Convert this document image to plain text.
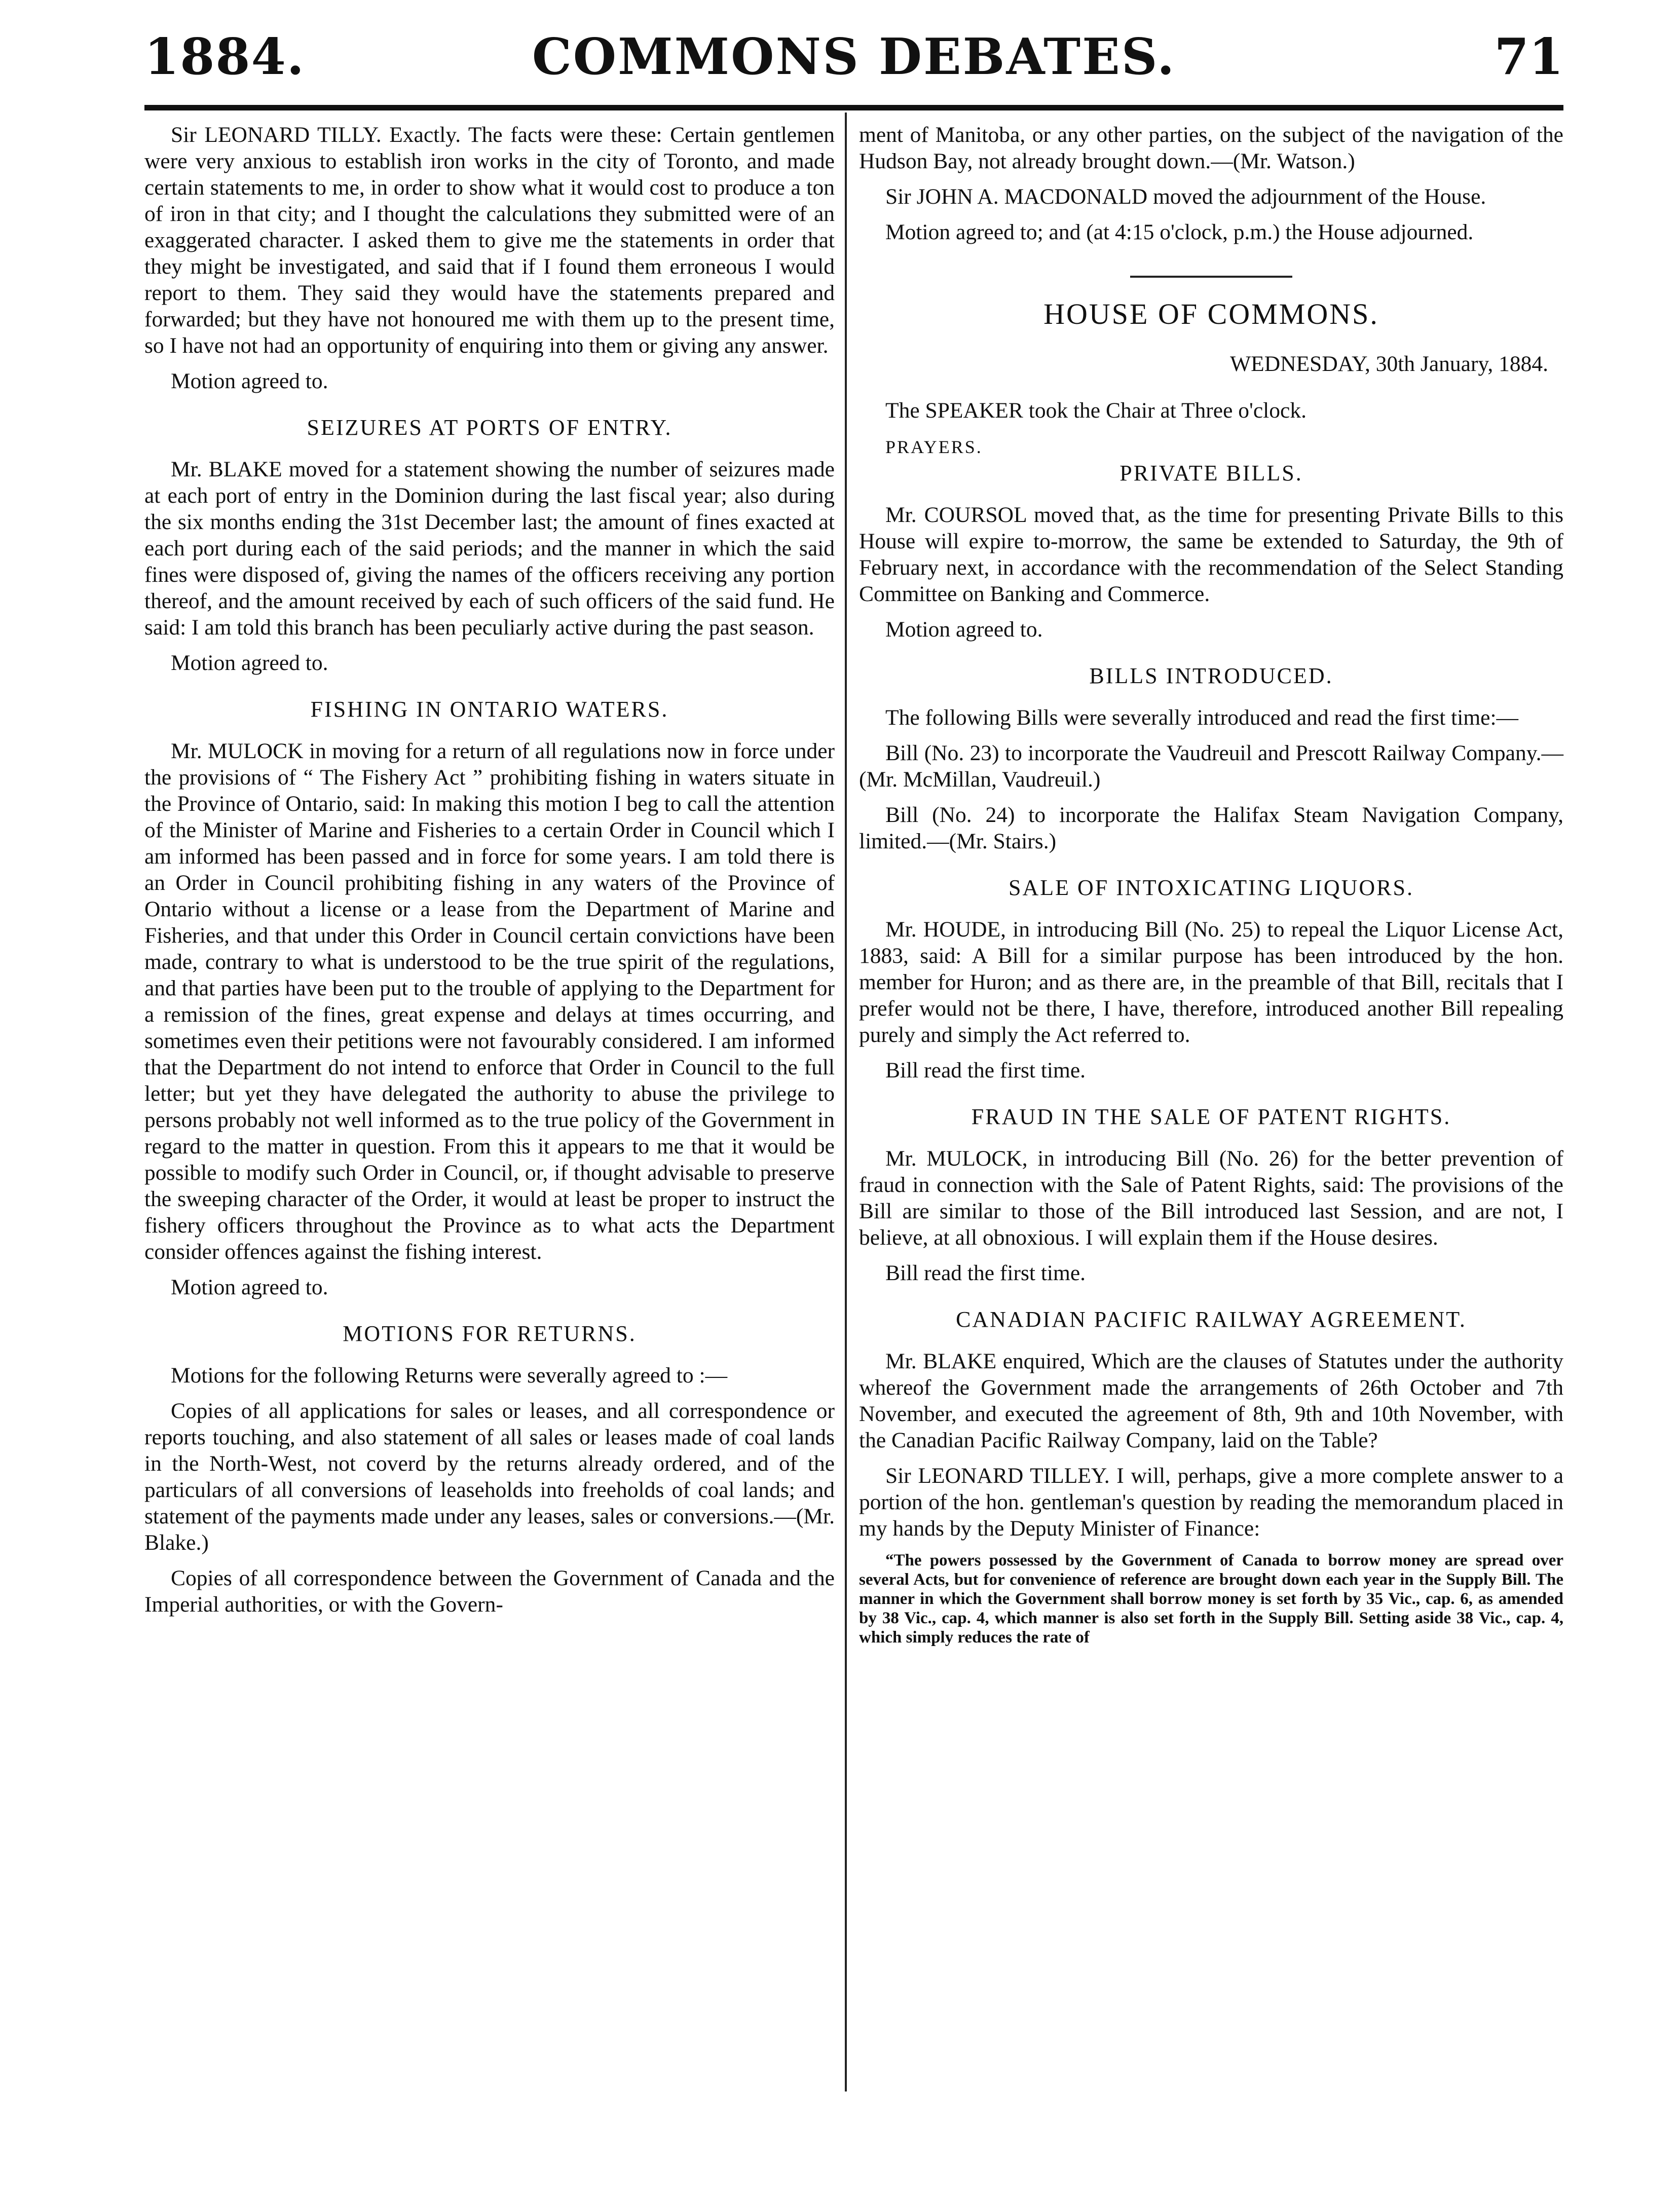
1884.	COMMONS DEBATES.	71

Sir LEONARD TILLY. Exactly. The facts were these: Certain gentlemen were very anxious to establish iron works in the city of Toronto, and made certain statements to me, in order to show what it would cost to produce a ton of iron in that city; and I thought the calculations they submitted were of an exaggerated character. I asked them to give me the statements in order that they might be investigated, and said that if I found them erroneous I would report to them. They said they would have the statements prepared and forwarded; but they have not honoured me with them up to the present time, so I have not had an opportunity of enquiring into them or giving any answer.

Motion agreed to.

SEIZURES AT PORTS OF ENTRY.

Mr. BLAKE moved for a statement showing the number of seizures made at each port of entry in the Dominion during the last fiscal year; also during the six months ending the 31st December last; the amount of fines exacted at each port during each of the said periods; and the manner in which the said fines were disposed of, giving the names of the officers receiving any portion thereof, and the amount received by each of such officers of the said fund. He said: I am told this branch has been peculiarly active during the past season.

Motion agreed to.

FISHING IN ONTARIO WATERS.

Mr. MULOCK in moving for a return of all regulations now in force under the provisions of “ The Fishery Act ” prohibiting fishing in waters situate in the Province of Ontario, said: In making this motion I beg to call the attention of the Minister of Marine and Fisheries to a certain Order in Council which I am informed has been passed and in force for some years. I am told there is an Order in Council prohibiting fishing in any waters of the Province of Ontario without a license or a lease from the Department of Marine and Fisheries, and that under this Order in Council certain convictions have been made, contrary to what is understood to be the true spirit of the regulations, and that parties have been put to the trouble of applying to the Department for a remission of the fines, great expense and delays at times occurring, and sometimes even their petitions were not favourably considered. I am informed that the Department do not intend to enforce that Order in Council to the full letter; but yet they have delegated the authority to abuse the privilege to persons probably not well informed as to the true policy of the Government in regard to the matter in question. From this it appears to me that it would be possible to modify such Order in Council, or, if thought advisable to preserve the sweeping character of the Order, it would at least be proper to instruct the fishery officers throughout the Province as to what acts the Department consider offences against the fishing interest.

Motion agreed to.

MOTIONS FOR RETURNS.

Motions for the following Returns were severally agreed to :—

Copies of all applications for sales or leases, and all correspondence or reports touching, and also statement of all sales or leases made of coal lands in the North-West, not coverd by the returns already ordered, and of the particulars of all conversions of leaseholds into freeholds of coal lands; and statement of the payments made under any leases, sales or conversions.—(Mr. Blake.)

Copies of all correspondence between the Government of Canada and the Imperial authorities, or with the Govern-

ment of Manitoba, or any other parties, on the subject of the navigation of the Hudson Bay, not already brought down.—(Mr. Watson.)

Sir JOHN A. MACDONALD moved the adjournment of the House.

Motion agreed to; and (at 4:15 o'clock, p.m.) the House adjourned.

HOUSE OF COMMONS.
WEDNESDAY, 30th January, 1884.

The SPEAKER took the Chair at Three o'clock.

PRAYERS.
PRIVATE BILLS.

Mr. COURSOL moved that, as the time for presenting Private Bills to this House will expire to-morrow, the same be extended to Saturday, the 9th of February next, in accordance with the recommendation of the Select Standing Committee on Banking and Commerce.

Motion agreed to.

BILLS INTRODUCED.

The following Bills were severally introduced and read the first time:—

Bill (No. 23) to incorporate the Vaudreuil and Prescott Railway Company.—(Mr. McMillan, Vaudreuil.)

Bill (No. 24) to incorporate the Halifax Steam Navigation Company, limited.—(Mr. Stairs.)

SALE OF INTOXICATING LIQUORS.

Mr. HOUDE, in introducing Bill (No. 25) to repeal the Liquor License Act, 1883, said: A Bill for a similar purpose has been introduced by the hon. member for Huron; and as there are, in the preamble of that Bill, recitals that I prefer would not be there, I have, therefore, introduced another Bill repealing purely and simply the Act referred to.

Bill read the first time.

FRAUD IN THE SALE OF PATENT RIGHTS.

Mr. MULOCK, in introducing Bill (No. 26) for the better prevention of fraud in connection with the Sale of Patent Rights, said: The provisions of the Bill are similar to those of the Bill introduced last Session, and are not, I believe, at all obnoxious. I will explain them if the House desires.

Bill read the first time.

CANADIAN PACIFIC RAILWAY AGREEMENT.

Mr. BLAKE enquired, Which are the clauses of Statutes under the authority whereof the Government made the arrangements of 26th October and 7th November, and executed the agreement of 8th, 9th and 10th November, with the Canadian Pacific Railway Company, laid on the Table?

Sir LEONARD TILLEY. I will, perhaps, give a more complete answer to a portion of the hon. gentleman's question by reading the memorandum placed in my hands by the Deputy Minister of Finance:

“The powers possessed by the Government of Canada to borrow money are spread over several Acts, but for convenience of reference are brought down each year in the Supply Bill. The manner in which the Government shall borrow money is set forth by 35 Vic., cap. 6, as amended by 38 Vic., cap. 4, which manner is also set forth in the Supply Bill. Setting aside 38 Vic., cap. 4, which simply reduces the rate of
